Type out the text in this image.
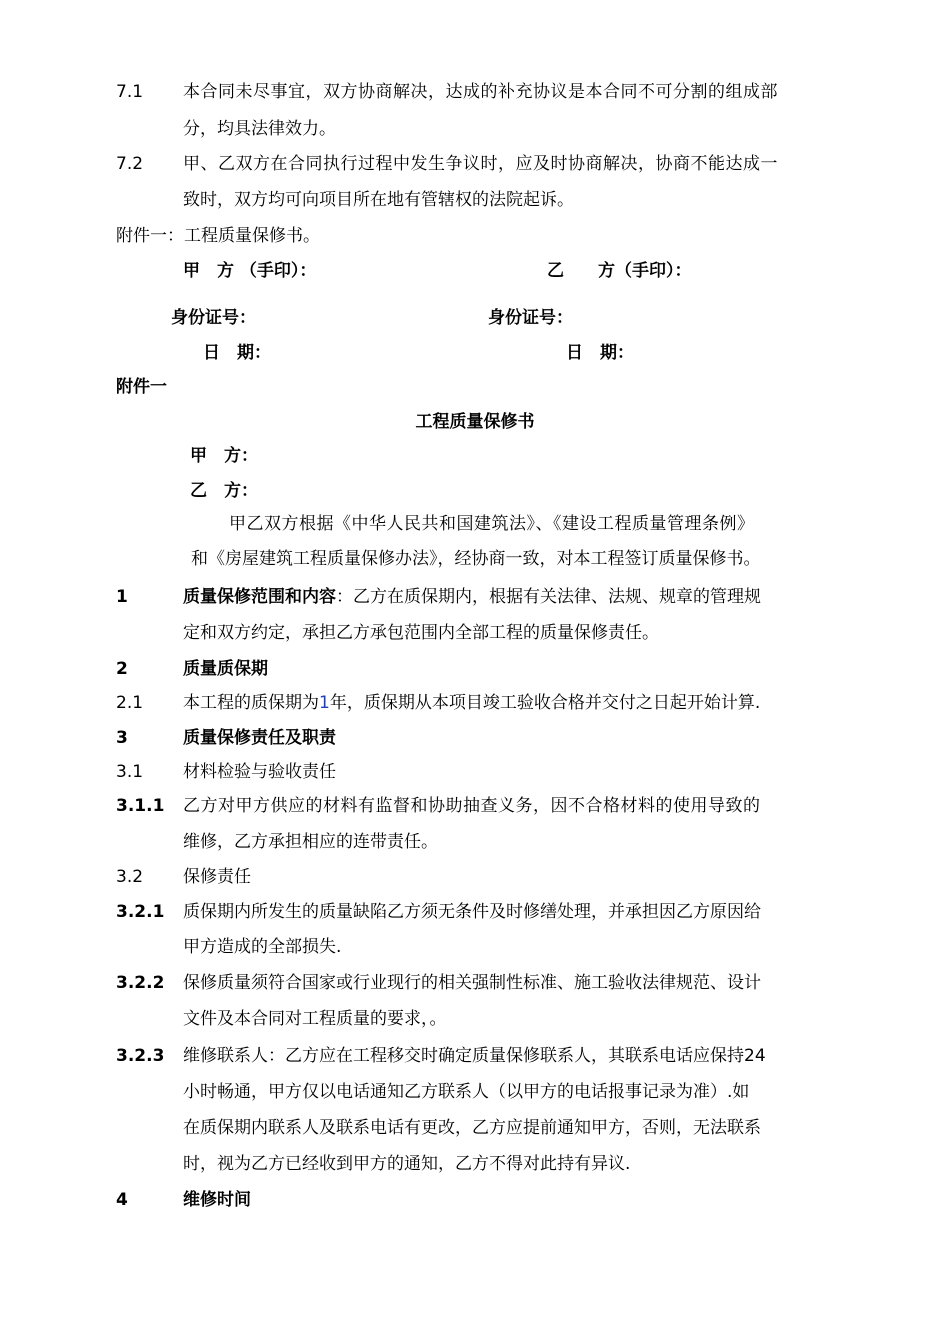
7.1 本合同未尽事宜，双方协商解决，达成的补充协议是本合同不可分割的组成部
分，均具法律效力。
7.2 甲、乙双方在合同执行过程中发生争议时，应及时协商解决，协商不能达成一
致时，双方均可向项目所在地有管辖权的法院起诉。
附件一：工程质量保修书。
甲　方 （手印）：	乙　　方（手印）：
身份证号：	身份证号：
日　期：	日　期：
附件一
工程质量保修书
甲　方：
乙　方：
甲乙双方根据《中华人民共和国建筑法》、《建设工程质量管理条例》
和《房屋建筑工程质量保修办法》，经协商一致，对本工程签订质量保修书。
1	质量保修范围和内容：乙方在质保期内，根据有关法律、法规、规章的管理规
定和双方约定，承担乙方承包范围内全部工程的质量保修责任。
2	质量质保期
2.1 本工程的质保期为1年，质保期从本项目竣工验收合格并交付之日起开始计算.
3	质量保修责任及职责
3.1 材料检验与验收责任
3.1.1 乙方对甲方供应的材料有监督和协助抽查义务，因不合格材料的使用导致的
维修，乙方承担相应的连带责任。
3.2 保修责任
3.2.1 质保期内所发生的质量缺陷乙方须无条件及时修缮处理，并承担因乙方原因给
甲方造成的全部损失.
3.2.2 保修质量须符合国家或行业现行的相关强制性标准、施工验收法律规范、设计
文件及本合同对工程质量的要求，。
3.2.3 维修联系人：乙方应在工程移交时确定质量保修联系人，其联系电话应保持24
小时畅通，甲方仅以电话通知乙方联系人（以甲方的电话报事记录为准）.如
在质保期内联系人及联系电话有更改，乙方应提前通知甲方，否则，无法联系
时，视为乙方已经收到甲方的通知，乙方不得对此持有异议.
4	维修时间
